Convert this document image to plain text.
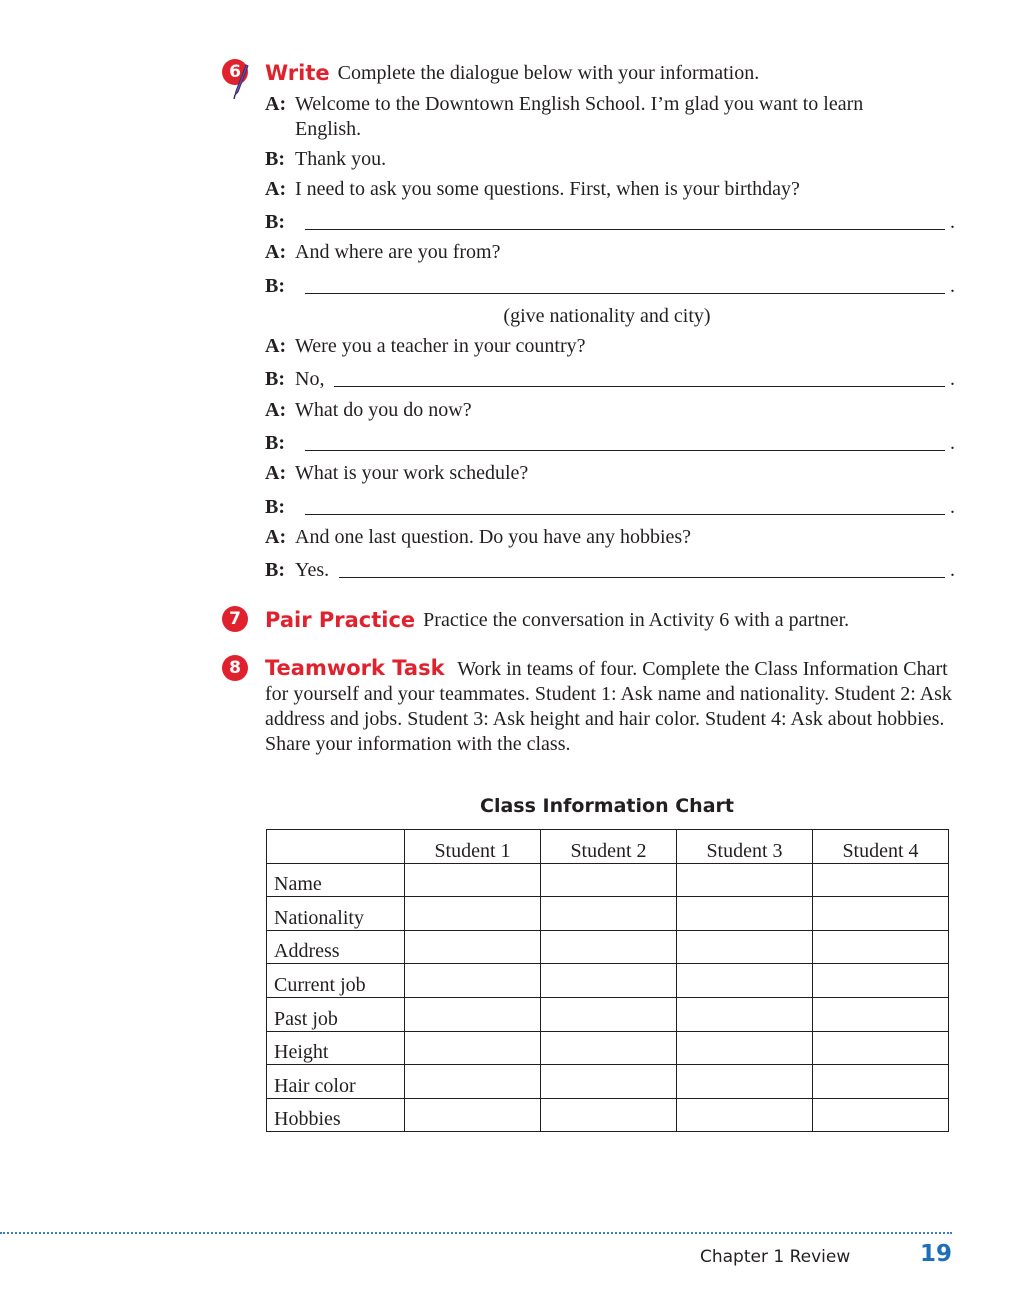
6 Write Complete the dialogue below with your information.
A: Welcome to the Downtown English School. I’m glad you want to learn
English.
B: Thank you.
A: I need to ask you some questions. First, when is your birthday?
B:	.
A: And where are you from?
B:	.
(give nationality and city)
A: Were you a teacher in your country?
B: No,	.
A: What do you do now?
B:	.
A: What is your work schedule?
B:	.
A: And one last question. Do you have any hobbies?
B: Yes.	.
7 Pair Practice Practice the conversation in Activity 6 with a partner.
8 Teamwork Task Work in teams of four. Complete the Class Information Chart for yourself and your teammates. Student 1: Ask name and nationality. Student 2: Ask address and jobs. Student 3: Ask height and hair color. Student 4: Ask about hobbies. Share your information with the class.
Class Information Chart
	Student 1	Student 2	Student 3	Student 4
Name				
Nationality				
Address				
Current job				
Past job				
Height				
Hair color				
Hobbies				
Chapter 1 Review	19
